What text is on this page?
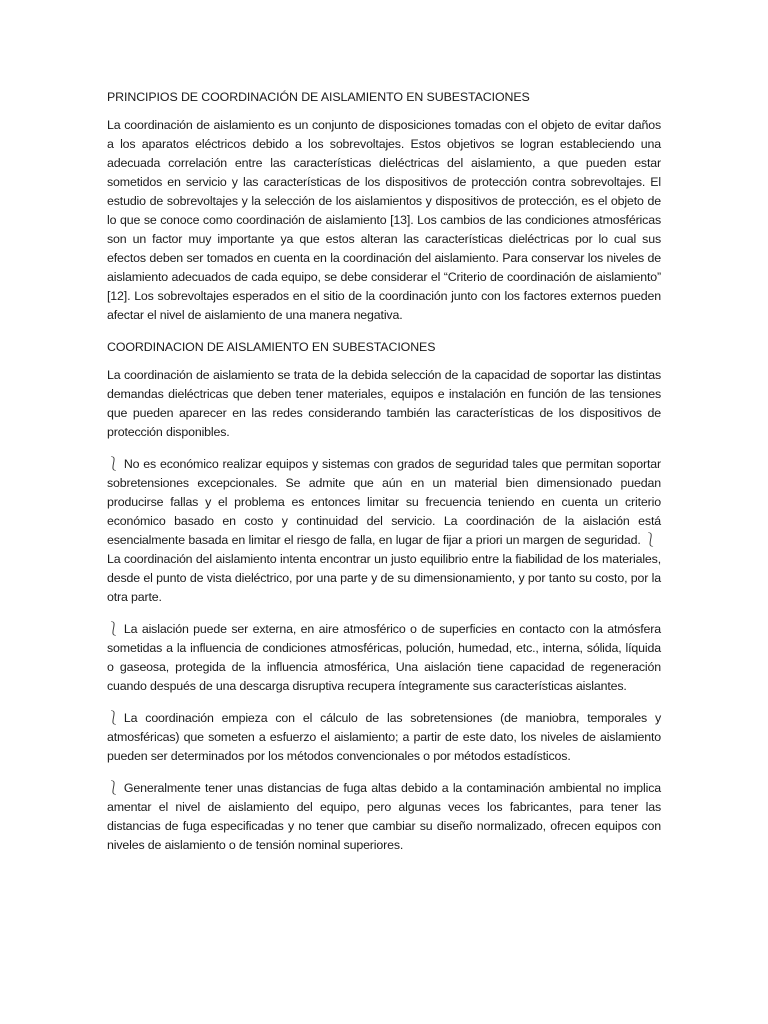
PRINCIPIOS DE COORDINACIÓN DE AISLAMIENTO EN SUBESTACIONES

La coordinación de aislamiento es un conjunto de disposiciones tomadas con el objeto de evitar daños a los aparatos eléctricos debido a los sobrevoltajes. Estos objetivos se logran estableciendo una adecuada correlación entre las características dieléctricas del aislamiento, a que pueden estar sometidos en servicio y las características de los dispositivos de protección contra sobrevoltajes. El estudio de sobrevoltajes y la selección de los aislamientos y dispositivos de protección, es el objeto de lo que se conoce como coordinación de aislamiento [13]. Los cambios de las condiciones atmosféricas son un factor muy importante ya que estos alteran las características dieléctricas por lo cual sus efectos deben ser tomados en cuenta en la coordinación del aislamiento. Para conservar los niveles de aislamiento adecuados de cada equipo, se debe considerar el “Criterio de coordinación de aislamiento” [12]. Los sobrevoltajes esperados en el sitio de la coordinación junto con los factores externos pueden afectar el nivel de aislamiento de una manera negativa.

COORDINACION DE AISLAMIENTO EN SUBESTACIONES

La coordinación de aislamiento se trata de la debida selección de la capacidad de soportar las distintas demandas dieléctricas que deben tener materiales, equipos e instalación en función de las tensiones que pueden aparecer en las redes considerando también las características de los dispositivos de protección disponibles.

⎱ No es económico realizar equipos y sistemas con grados de seguridad tales que permitan soportar sobretensiones excepcionales. Se admite que aún en un material bien dimensionado puedan producirse fallas y el problema es entonces limitar su frecuencia teniendo en cuenta un criterio económico basado en costo y continuidad del servicio. La coordinación de la aislación está esencialmente basada en limitar el riesgo de falla, en lugar de fijar a priori un margen de seguridad. ⎱La coordinación del aislamiento intenta encontrar un justo equilibrio entre la fiabilidad de los materiales, desde el punto de vista dieléctrico, por una parte y de su dimensionamiento, y por tanto su costo, por la otra parte.

⎱ La aislación puede ser externa, en aire atmosférico o de superficies en contacto con la atmósfera sometidas a la influencia de condiciones atmosféricas, polución, humedad, etc., interna, sólida, líquida o gaseosa, protegida de la influencia atmosférica, Una aislación tiene capacidad de regeneración cuando después de una descarga disruptiva recupera íntegramente sus características aislantes.

⎱ La coordinación empieza con el cálculo de las sobretensiones (de maniobra, temporales y atmosféricas) que someten a esfuerzo el aislamiento; a partir de este dato, los niveles de aislamiento pueden ser determinados por los métodos convencionales o por métodos estadísticos.

⎱ Generalmente tener unas distancias de fuga altas debido a la contaminación ambiental no implica amentar el nivel de aislamiento del equipo, pero algunas veces los fabricantes, para tener las distancias de fuga especificadas y no tener que cambiar su diseño normalizado, ofrecen equipos con niveles de aislamiento o de tensión nominal superiores.
